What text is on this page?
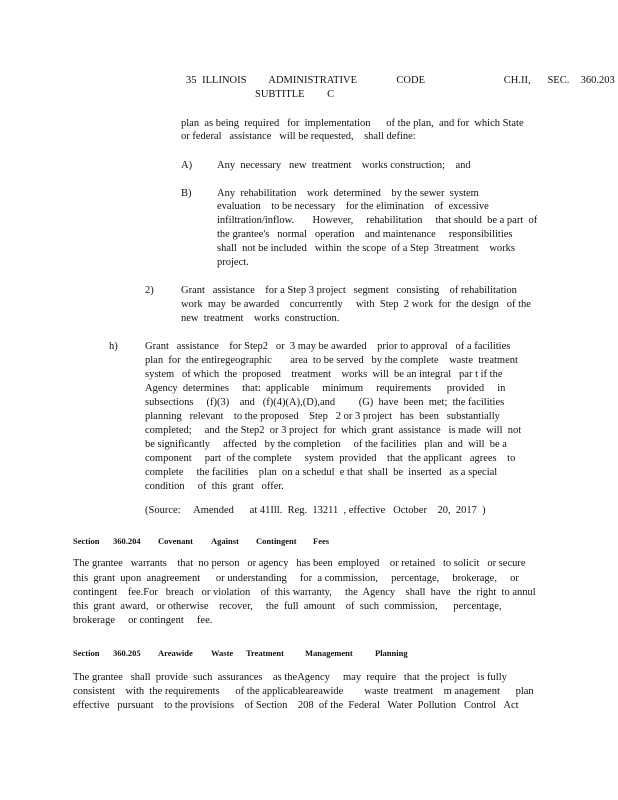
35 ILLINOIS    ADMINISTRATIVE       CODE              CH.II,   SEC.  360.203
SUBTITLE    C
plan  as being  required   for  implementation      of the plan,  and for  which State
or federal   assistance   will be requested,    shall define:
A) Any  necessary   new  treatment    works construction;    and
B) Any  rehabilitation    work  determined    by the sewer  system
evaluation    to be necessary    for the elimination    of  excessive
infiltration/inflow.       However,     rehabilitation     that should  be a part  of
the grantee's   normal   operation    and maintenance     responsibilities
shall  not be included   within  the scope  of a Step  3treatment    works
project.
2)	Grant   assistance    for a Step 3 project   segment   consisting    of rehabilitation
work  may  be awarded    concurrently     with  Step  2 work  for  the design   of the
new  treatment    works  construction.
h)	Grant   assistance    for Step2   or  3 may be awarded    prior to approval   of a facilities
plan  for  the entiregeographic       area  to be served   by the complete    waste  treatment
system   of which  the  proposed    treatment    works  will  be an integral   par t if the
Agency  determines     that:  applicable     minimum     requirements      provided     in
subsections     (f)(3)    and   (f)(4)(A),(D),and         (G)  have  been  met;  the facilities
planning   relevant    to the proposed    Step   2 or 3 project   has  been   substantially
completed;     and  the Step2  or 3 project  for  which  grant  assistance   is made  will  not
be significantly     affected   by the completion     of the facilities   plan  and  will  be a
component     part  of the complete     system  provided    that  the applicant   agrees    to
complete     the facilities    plan  on a schedul  e that  shall  be  inserted   as a special
condition     of  this  grant   offer.
(Source:     Amended      at 41Ill.  Reg.  13211  , effective   October    20,  2017  )
Section 360.204 Covenant Against Contingent Fees
The grantee   warrants    that  no person   or agency   has been  employed    or retained   to solicit   or secure
this  grant  upon  anagreement      or understanding     for  a commission,     percentage,     brokerage,     or
contingent    fee.For   breach   or violation    of  this warranty,     the  Agency    shall  have   the  right  to annul
this  grant  award,   or otherwise    recover,     the  full  amount    of  such  commission,      percentage,
brokerage     or contingent     fee.
Section 360.205 Areawide Waste Treatment Management	Planning
The grantee   shall  provide  such  assurances    as theAgency     may  require   that  the project   is fully
consistent    with  the requirements      of the applicableareawide        waste  treatment    m anagement      plan
effective   pursuant    to the provisions    of Section    208  of the  Federal   Water  Pollution   Control   Act
